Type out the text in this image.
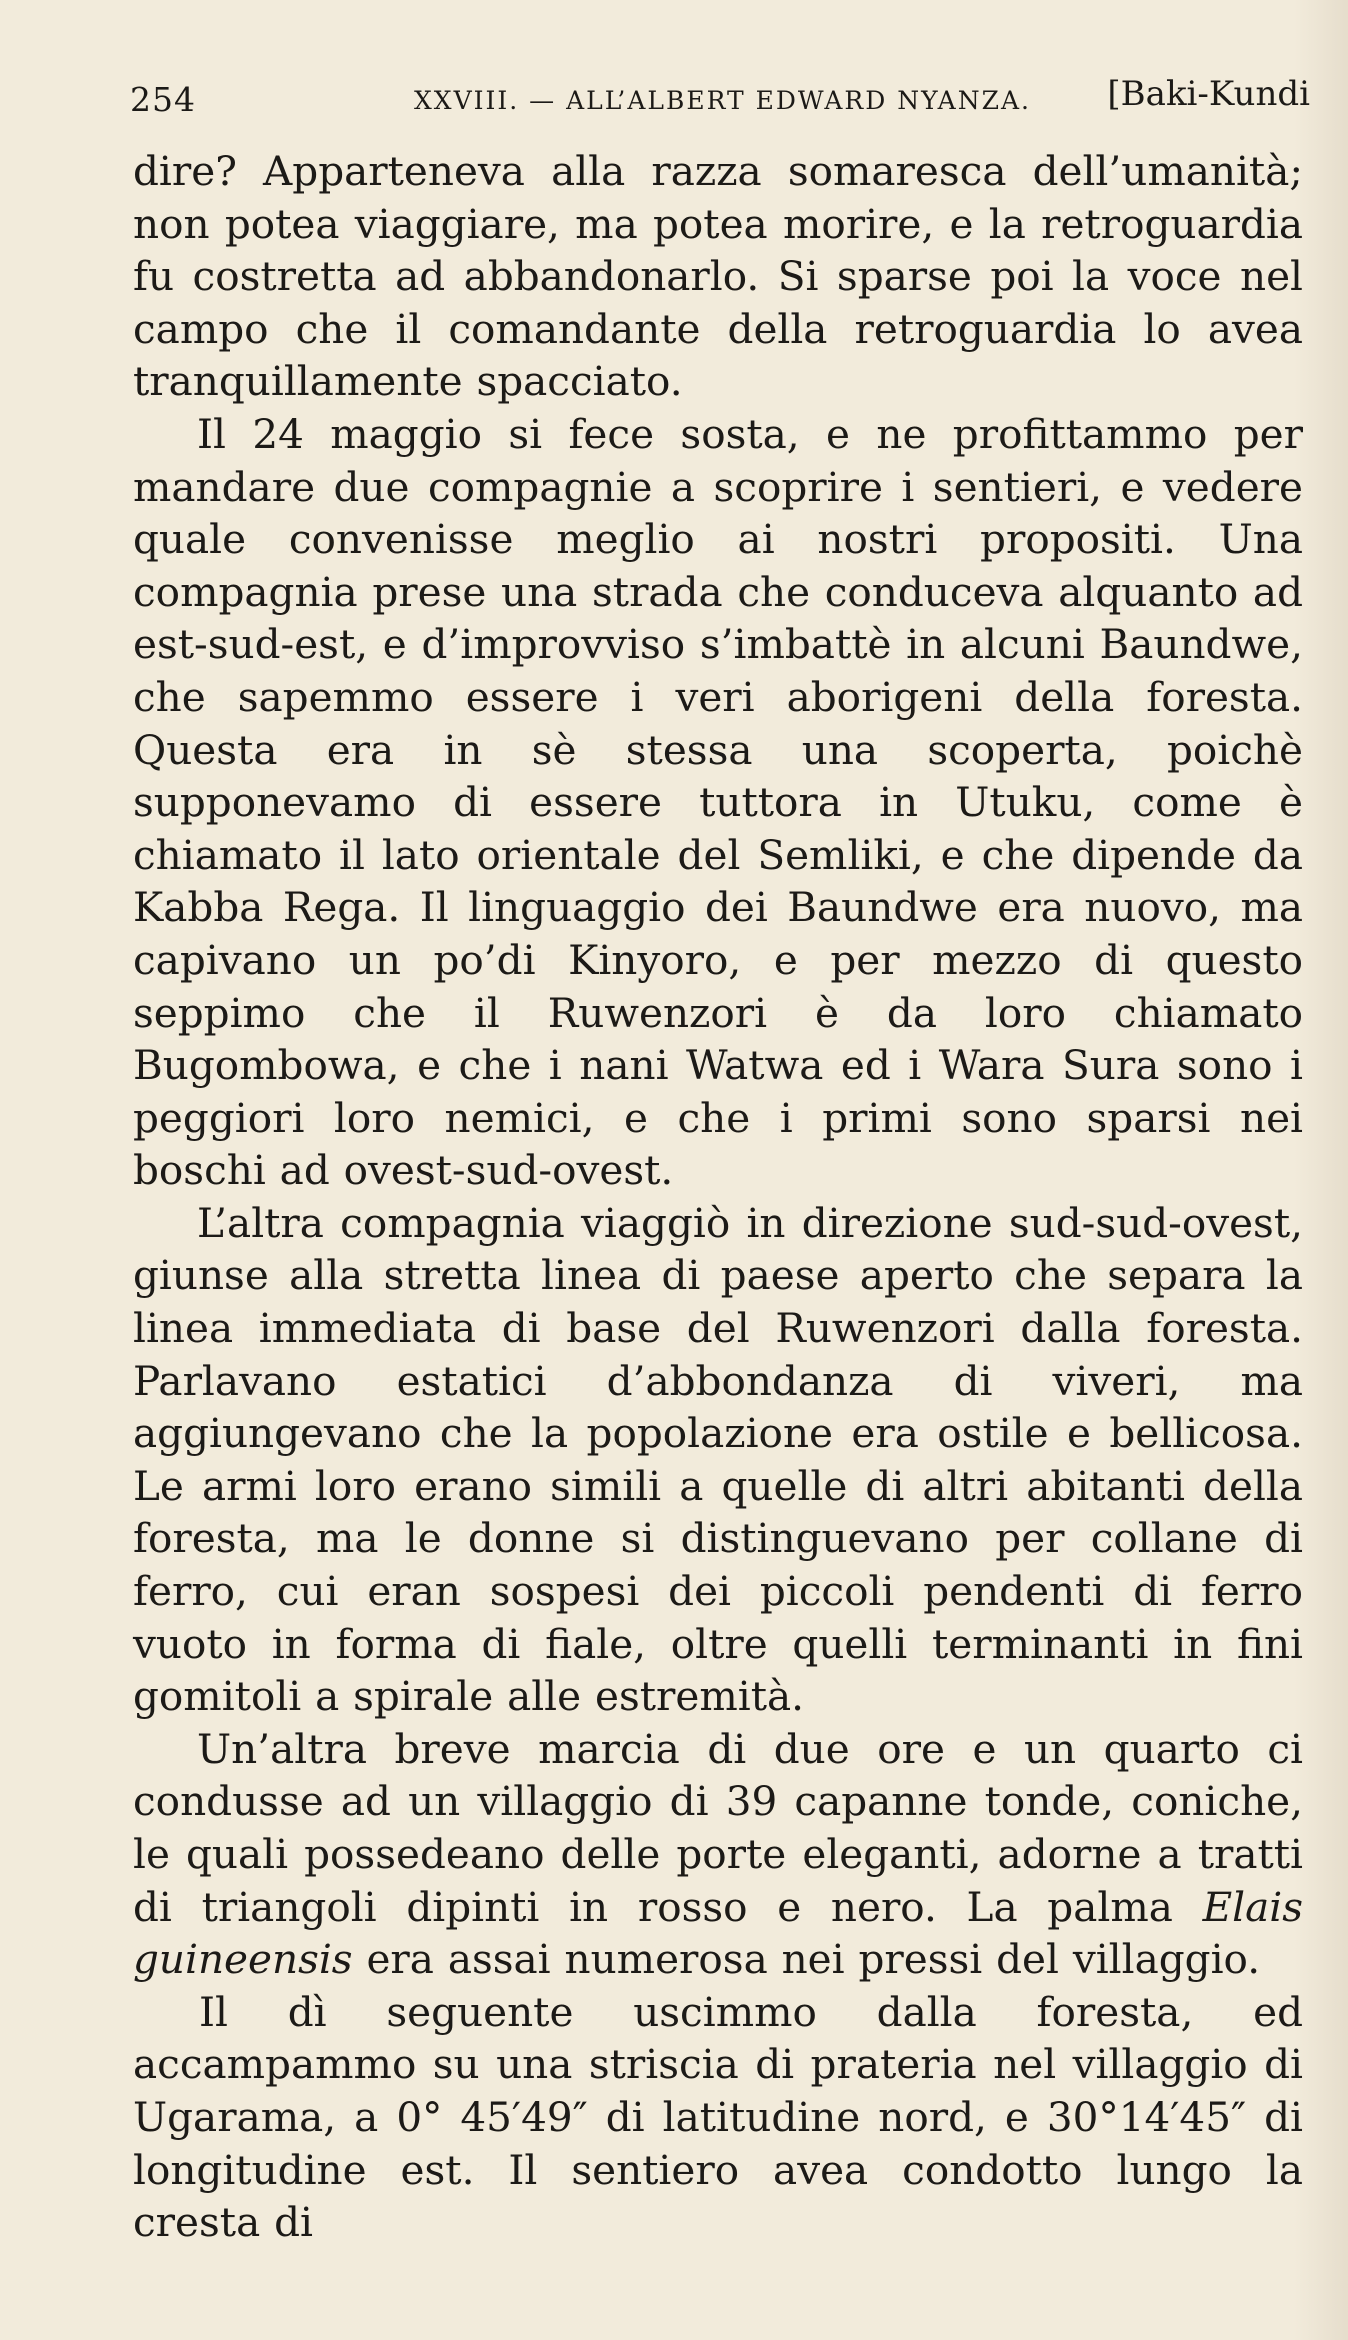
254	XXVIII. — ALL’ALBERT EDWARD NYANZA. [Baki-Kundi

dire? Apparteneva alla razza somaresca dell’umanità; non potea viaggiare, ma potea morire, e la retroguardia fu costretta ad abbandonarlo. Si sparse poi la voce nel campo che il comandante della retroguardia lo avea tranquillamente spacciato.

Il 24 maggio si fece sosta, e ne profittammo per mandare due compagnie a scoprire i sentieri, e vedere quale convenisse meglio ai nostri propositi. Una compagnia prese una strada che conduceva alquanto ad est-sud-est, e d’improvviso s’imbattè in alcuni Baundwe, che sapemmo essere i veri aborigeni della foresta. Questa era in sè stessa una scoperta, poichè supponevamo di essere tuttora in Utuku, come è chiamato il lato orientale del Semliki, e che dipende da Kabba Rega. Il linguaggio dei Baundwe era nuovo, ma capivano un po’di Kinyoro, e per mezzo di questo seppimo che il Ruwenzori è da loro chiamato Bugombowa, e che i nani Watwa ed i Wara Sura sono i peggiori loro nemici, e che i primi sono sparsi nei boschi ad ovest-sud-ovest.

L’altra compagnia viaggiò in direzione sud-sud-ovest, giunse alla stretta linea di paese aperto che separa la linea immediata di base del Ruwenzori dalla foresta. Parlavano estatici d’abbondanza di viveri, ma aggiungevano che la popolazione era ostile e bellicosa. Le armi loro erano simili a quelle di altri abitanti della foresta, ma le donne si distinguevano per collane di ferro, cui eran sospesi dei piccoli pendenti di ferro vuoto in forma di fiale, oltre quelli terminanti in fini gomitoli a spirale alle estremità.

Un’altra breve marcia di due ore e un quarto ci condusse ad un villaggio di 39 capanne tonde, coniche, le quali possedeano delle porte eleganti, adorne a tratti di triangoli dipinti in rosso e nero. La palma Elais guineensis era assai numerosa nei pressi del villaggio.

Il dì seguente uscimmo dalla foresta, ed accampammo su una striscia di prateria nel villaggio di Ugarama, a 0° 45′49″ di latitudine nord, e 30°14′45″ di longitudine est. Il sentiero avea condotto lungo la cresta di
